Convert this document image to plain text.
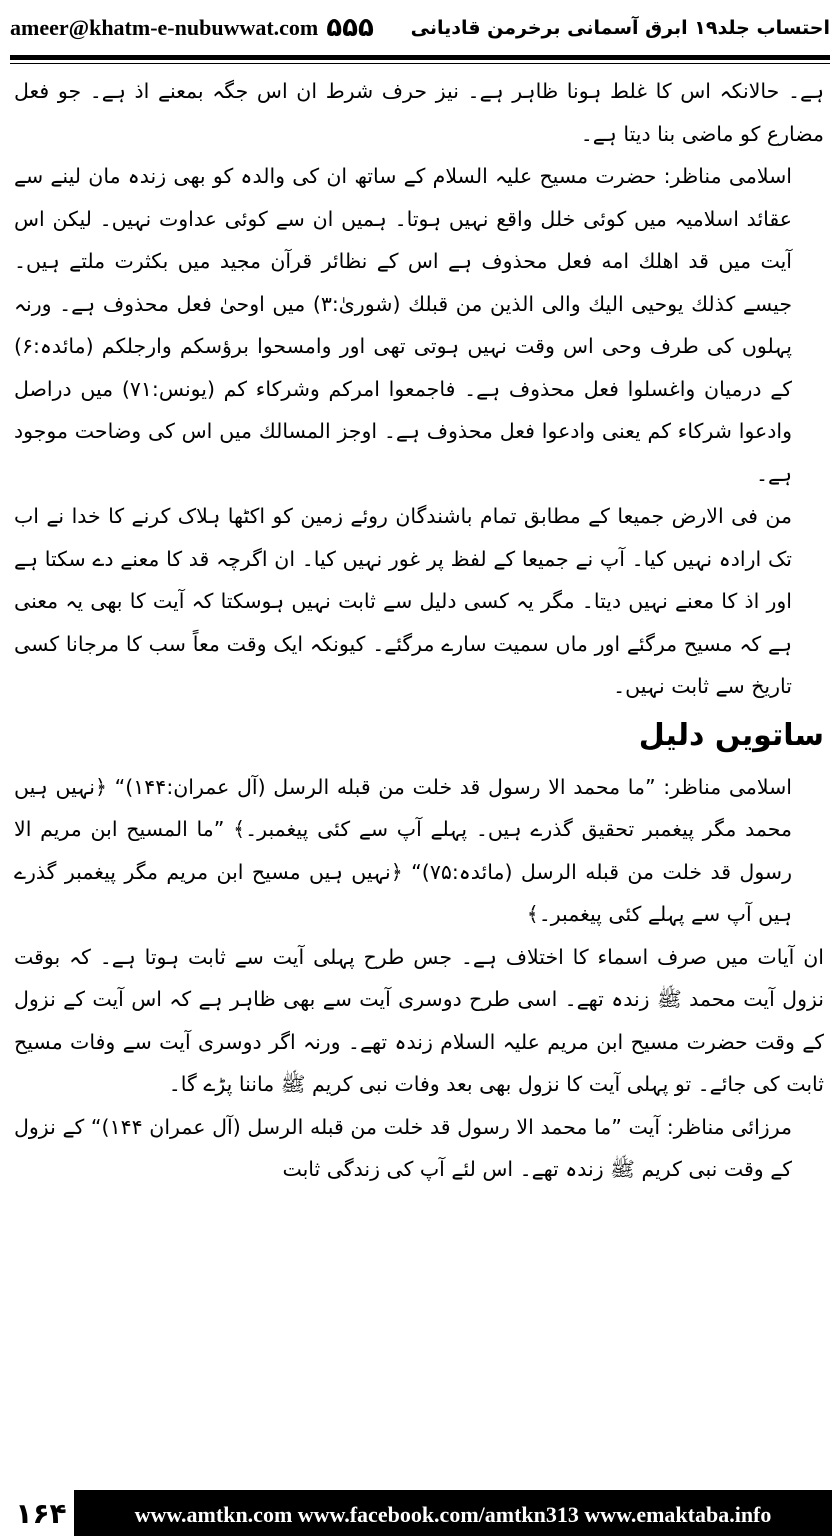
ameer@khatm-e-nubuwwat.com ۵۵۵ احتساب جلد۱۹ ابرق آسمانی برخرمن قادیانی

ہے۔ حالانکہ اس کا غلط ہونا ظاہر ہے۔ نیز حرف شرط ان اس جگہ بمعنے اذ ہے۔ جو فعل مضارع کو ماضی بنا دیتا ہے۔

اسلامی مناظر: حضرت مسیح علیہ السلام کے ساتھ ان کی والدہ کو بھی زندہ مان لینے سے عقائد اسلامیہ میں کوئی خلل واقع نہیں ہوتا۔ ہمیں ان سے کوئی عداوت نہیں۔ لیکن اس آیت میں قد اھلك امه فعل محذوف ہے اس کے نظائر قرآن مجید میں بکثرت ملتے ہیں۔ جیسے کذلك یوحیی الیك والی الذین من قبلك (شوریٰ:۳) میں اوحیٰ فعل محذوف ہے۔ ورنہ پہلوں کی طرف وحی اس وقت نہیں ہوتی تھی اور وامسحوا برؤسکم وارجلکم (مائدہ:۶) کے درمیان واغسلوا فعل محذوف ہے۔ فاجمعوا امرکم وشرکاء کم (یونس:۷۱) میں دراصل وادعوا شرکاء کم یعنی وادعوا فعل محذوف ہے۔ اوجز المسالك میں اس کی وضاحت موجود ہے۔

من فی الارض جمیعا کے مطابق تمام باشندگان روئے زمین کو اکٹھا ہلاک کرنے کا خدا نے اب تک ارادہ نہیں کیا۔ آپ نے جمیعا کے لفظ پر غور نہیں کیا۔ ان اگرچہ قد کا معنے دے سکتا ہے اور اذ کا معنے نہیں دیتا۔ مگر یہ کسی دلیل سے ثابت نہیں ہوسکتا کہ آیت کا بھی یہ معنی ہے کہ مسیح مرگئے اور ماں سمیت سارے مرگئے۔ کیونکہ ایک وقت معاً سب کا مرجانا کسی تاریخ سے ثابت نہیں۔

ساتویں دلیل

اسلامی مناظر: ”ما محمد الا رسول قد خلت من قبله الرسل (آل عمران:۱۴۴)“ ﴿نہیں ہیں محمد مگر پیغمبر تحقیق گذرے ہیں۔ پہلے آپ سے کئی پیغمبر۔﴾ ”ما المسیح ابن مریم الا رسول قد خلت من قبله الرسل (مائدہ:۷۵)“ ﴿نہیں ہیں مسیح ابن مریم مگر پیغمبر گذرے ہیں آپ سے پہلے کئی پیغمبر۔﴾

ان آیات میں صرف اسماء کا اختلاف ہے۔ جس طرح پہلی آیت سے ثابت ہوتا ہے۔ کہ بوقت نزول آیت محمد ﷺ زندہ تھے۔ اسی طرح دوسری آیت سے بھی ظاہر ہے کہ اس آیت کے نزول کے وقت حضرت مسیح ابن مریم علیہ السلام زندہ تھے۔ ورنہ اگر دوسری آیت سے وفات مسیح ثابت کی جائے۔ تو پہلی آیت کا نزول بھی بعد وفات نبی کریم ﷺ ماننا پڑے گا۔

مرزائی مناظر: آیت ”ما محمد الا رسول قد خلت من قبله الرسل (آل عمران ۱۴۴)“ کے نزول کے وقت نبی کریم ﷺ زندہ تھے۔ اس لئے آپ کی زندگی ثابت

۱۶۴	www.amtkn.com www.facebook.com/amtkn313 www.emaktaba.info
